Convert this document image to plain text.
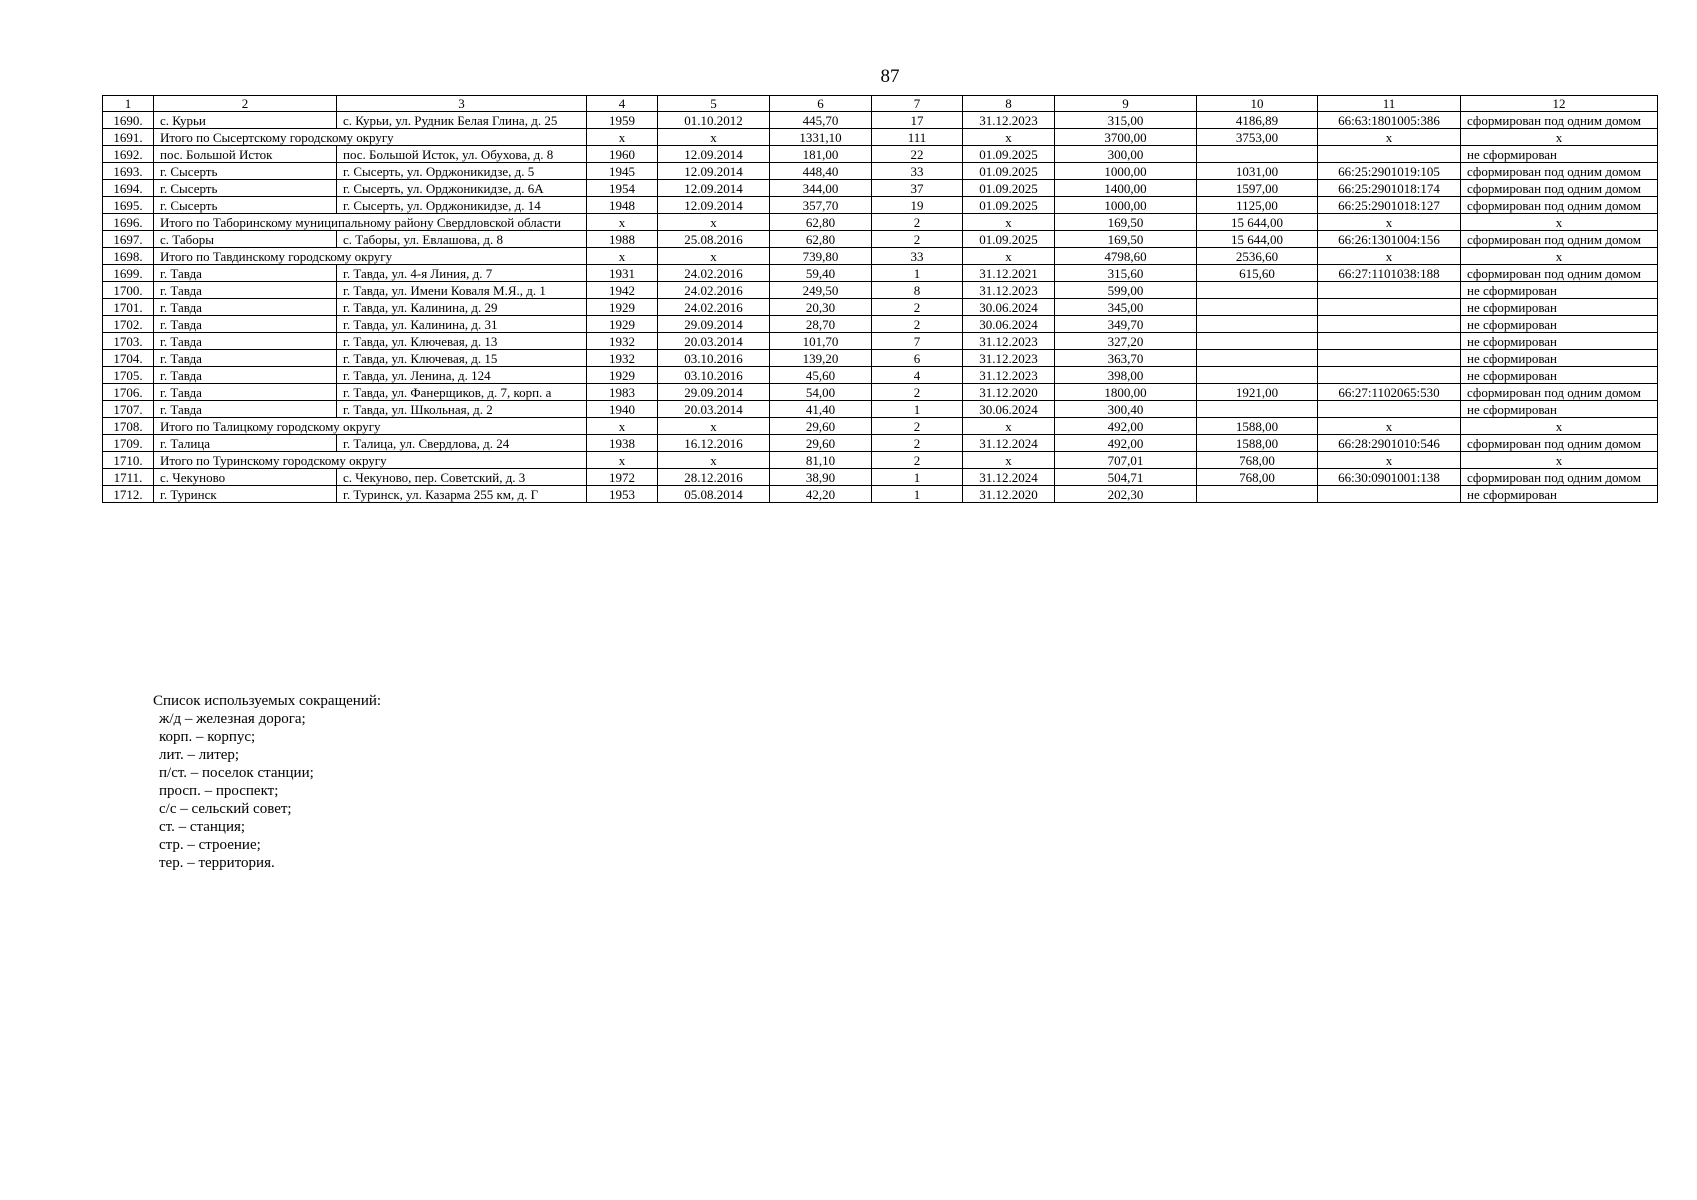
87
1	2	3	4	5	6	7	8	9	10	11	12
1690.	с. Курьи	с. Курьи, ул. Рудник Белая Глина, д. 25	1959	01.10.2012	445,70	17	31.12.2023	315,00	4186,89	66:63:1801005:386	сформирован под одним домом
1691.	Итого по Сысертскому городскому округу		x	x	1331,10	111	x	3700,00	3753,00	x	x
1692.	пос. Большой Исток	пос. Большой Исток, ул. Обухова, д. 8	1960	12.09.2014	181,00	22	01.09.2025	300,00			не сформирован
1693.	г. Сысерть	г. Сысерть, ул. Орджоникидзе, д. 5	1945	12.09.2014	448,40	33	01.09.2025	1000,00	1031,00	66:25:2901019:105	сформирован под одним домом
1694.	г. Сысерть	г. Сысерть, ул. Орджоникидзе, д. 6А	1954	12.09.2014	344,00	37	01.09.2025	1400,00	1597,00	66:25:2901018:174	сформирован под одним домом
1695.	г. Сысерть	г. Сысерть, ул. Орджоникидзе, д. 14	1948	12.09.2014	357,70	19	01.09.2025	1000,00	1125,00	66:25:2901018:127	сформирован под одним домом
1696.	Итого по Таборинскому муниципальному району Свердловской области		x	x	62,80	2	x	169,50	15 644,00	x	x
1697.	с. Таборы	с. Таборы, ул. Евлашова, д. 8	1988	25.08.2016	62,80	2	01.09.2025	169,50	15 644,00	66:26:1301004:156	сформирован под одним домом
1698.	Итого по Тавдинскому городскому округу		x	x	739,80	33	x	4798,60	2536,60	x	x
1699.	г. Тавда	г. Тавда, ул. 4-я Линия, д. 7	1931	24.02.2016	59,40	1	31.12.2021	315,60	615,60	66:27:1101038:188	сформирован под одним домом
1700.	г. Тавда	г. Тавда, ул. Имени Коваля М.Я., д. 1	1942	24.02.2016	249,50	8	31.12.2023	599,00			не сформирован
1701.	г. Тавда	г. Тавда, ул. Калинина, д. 29	1929	24.02.2016	20,30	2	30.06.2024	345,00			не сформирован
1702.	г. Тавда	г. Тавда, ул. Калинина, д. 31	1929	29.09.2014	28,70	2	30.06.2024	349,70			не сформирован
1703.	г. Тавда	г. Тавда, ул. Ключевая, д. 13	1932	20.03.2014	101,70	7	31.12.2023	327,20			не сформирован
1704.	г. Тавда	г. Тавда, ул. Ключевая, д. 15	1932	03.10.2016	139,20	6	31.12.2023	363,70			не сформирован
1705.	г. Тавда	г. Тавда, ул. Ленина, д. 124	1929	03.10.2016	45,60	4	31.12.2023	398,00			не сформирован
1706.	г. Тавда	г. Тавда, ул. Фанерщиков, д. 7, корп. а	1983	29.09.2014	54,00	2	31.12.2020	1800,00	1921,00	66:27:1102065:530	сформирован под одним домом
1707.	г. Тавда	г. Тавда, ул. Школьная, д. 2	1940	20.03.2014	41,40	1	30.06.2024	300,40			не сформирован
1708.	Итого по Талицкому городскому округу		x	x	29,60	2	x	492,00	1588,00	x	x
1709.	г. Талица	г. Талица, ул. Свердлова, д. 24	1938	16.12.2016	29,60	2	31.12.2024	492,00	1588,00	66:28:2901010:546	сформирован под одним домом
1710.	Итого по Туринскому городскому округу		x	x	81,10	2	x	707,01	768,00	x	x
1711.	с. Чекуново	с. Чекуново, пер. Советский, д. 3	1972	28.12.2016	38,90	1	31.12.2024	504,71	768,00	66:30:0901001:138	сформирован под одним домом
1712.	г. Туринск	г. Туринск, ул. Казарма 255 км, д. Г	1953	05.08.2014	42,20	1	31.12.2020	202,30			не сформирован
Список используемых сокращений:
ж/д – железная дорога;
корп. – корпус;
лит. – литер;
п/ст. – поселок станции;
просп. – проспект;
с/с – сельский совет;
ст. – станция;
стр. – строение;
тер. – территория.
